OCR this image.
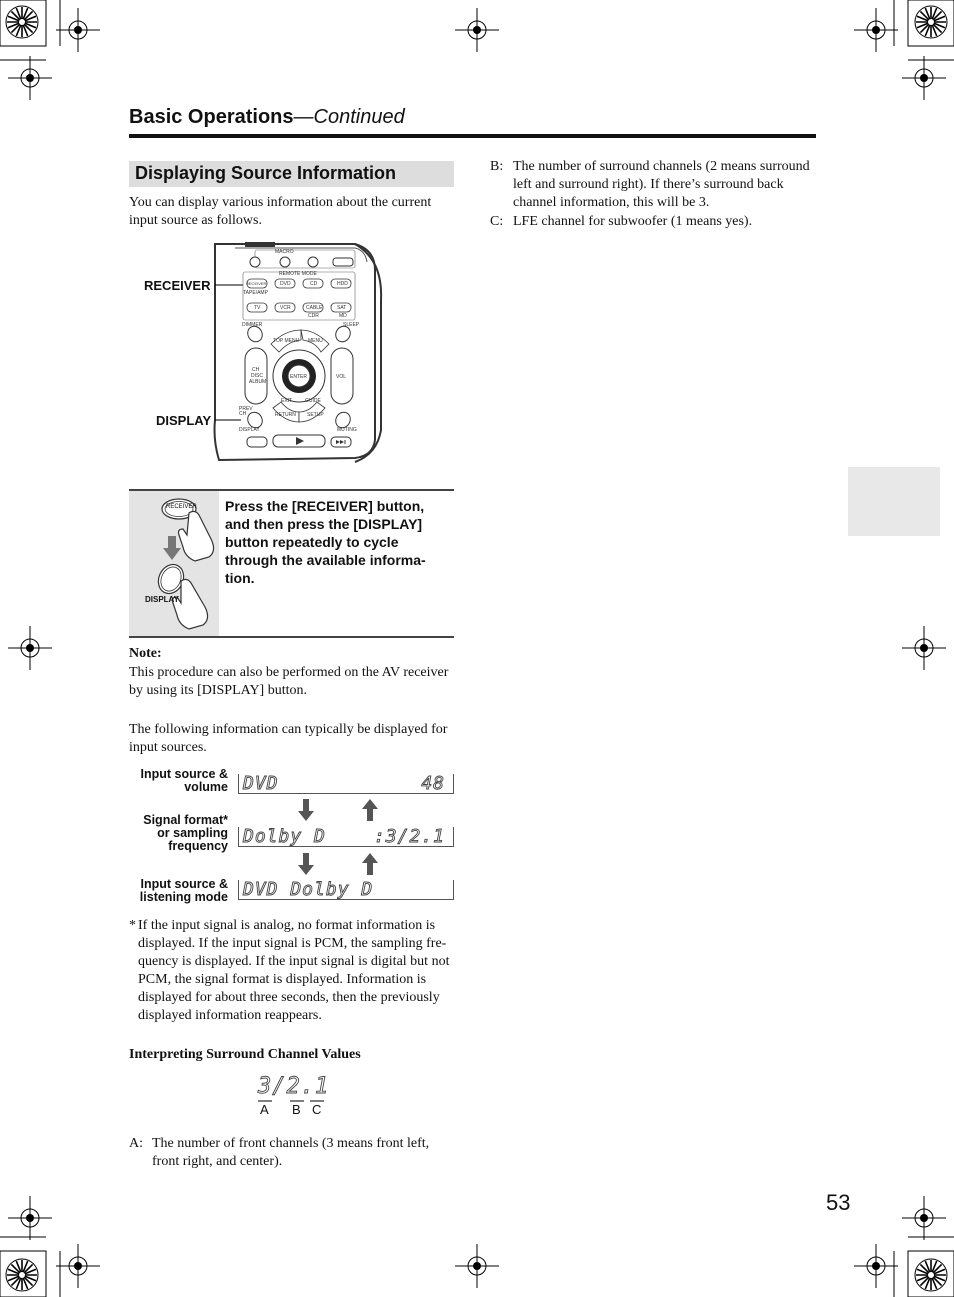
Basic Operations—Continued
Displaying Source Information
You can display various information about the current input source as follows.
RECEIVER
DISPLAY
MACRO
REMOTE MODE
RECEIVER
TAPE/AMP
DVD	CD	HDD
TV	VCR	CABLE	SAT
CDR	MD
DIMMER	SLEEP
TOP MENU MENU
CH
DISC
ALBUM
VOL
ENTER
EXIT	GUIDE
PREV CH	RETURN SETUP
DISPLAY	MUTING
RECEIVER
DISPLAY
Press the [RECEIVER] button, and then press the [DISPLAY] button repeatedly to cycle through the available informa-tion.
Note:
This procedure can also be performed on the AV receiver by using its [DISPLAY] button.
The following information can typically be displayed for input sources.
Input source &
volume DVD	48
Signal format*
or sampling
frequency Dolby D	:3/2.1
Input source &
listening mode DVD Dolby D
* If the input signal is analog, no format information is displayed. If the input signal is PCM, the sampling fre-quency is displayed. If the input signal is digital but not PCM, the signal format is displayed. Information is displayed for about three seconds, then the previously displayed information reappears.
Interpreting Surround Channel Values
3/2.1
A B C
A: The number of front channels (3 means front left, front right, and center).
B: The number of surround channels (2 means surround left and surround right). If there’s surround back channel information, this will be 3.
C: LFE channel for subwoofer (1 means yes).
53
